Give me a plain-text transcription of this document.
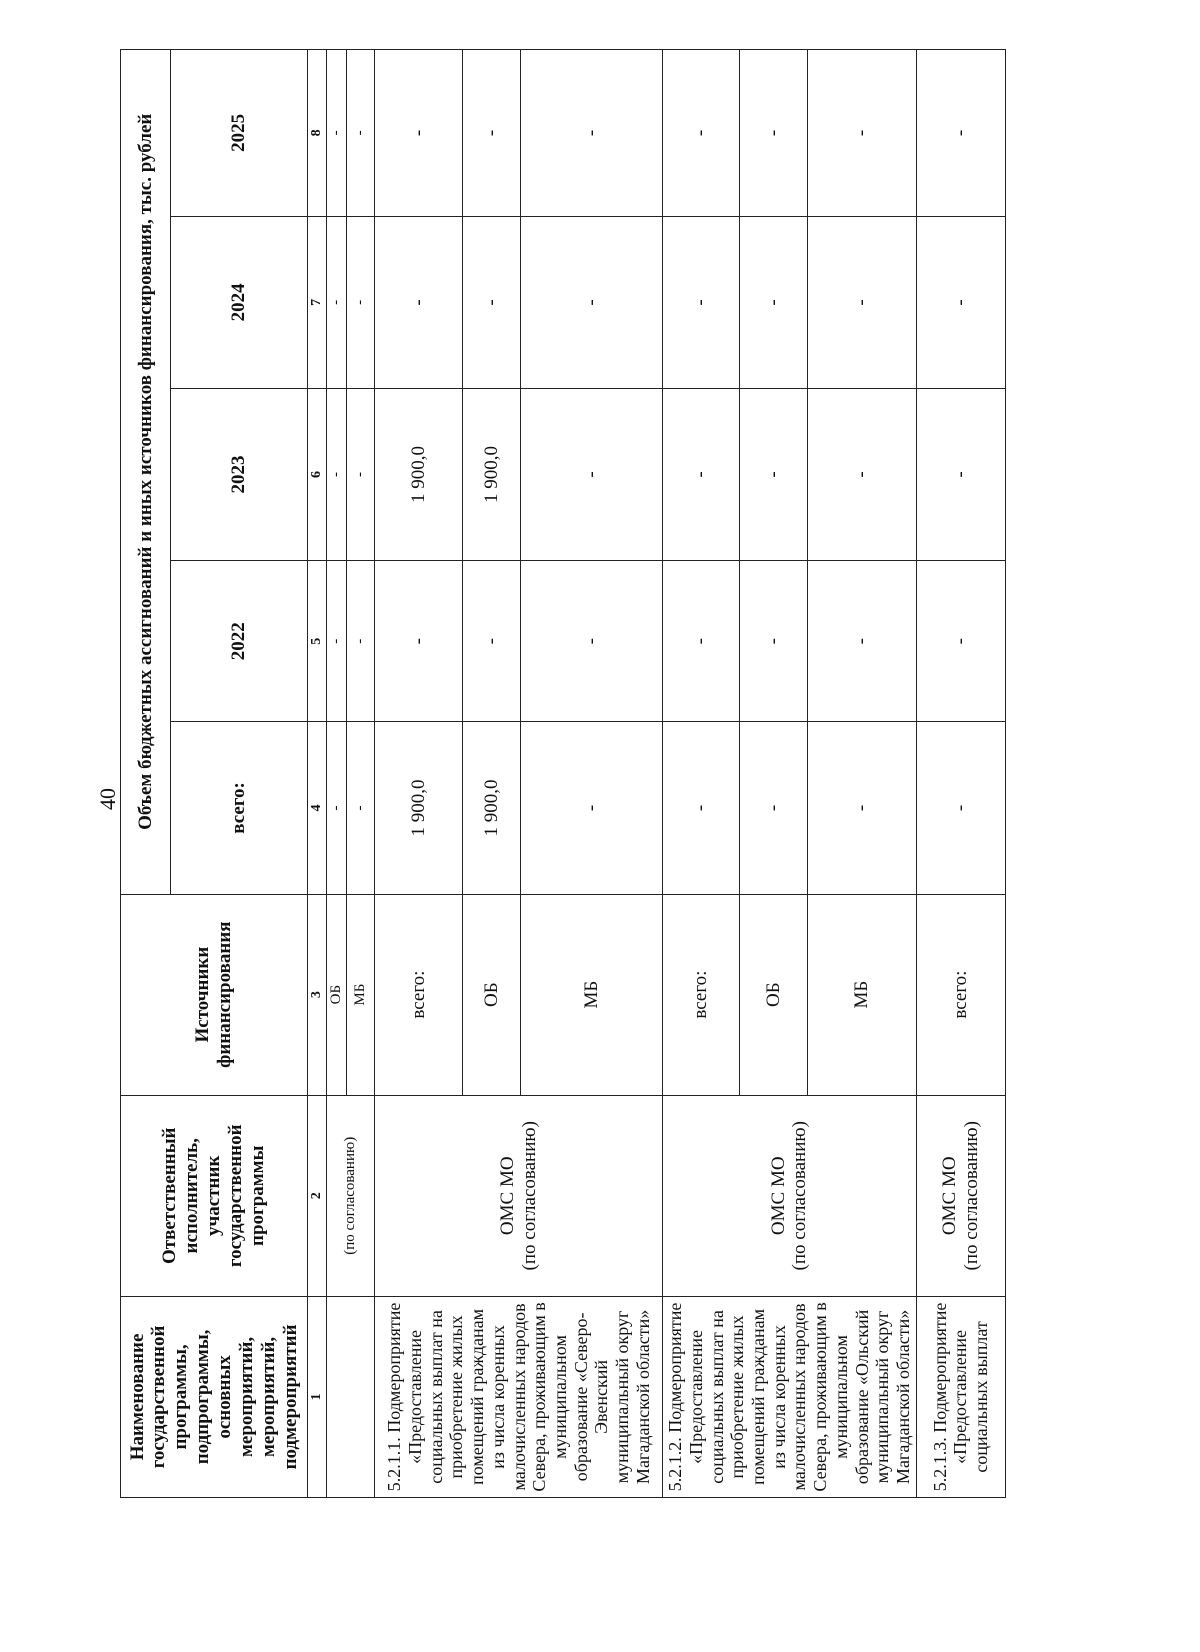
40
Наименование государственной программы, подпрограммы, основных мероприятий, мероприятий, подмероприятий	Ответственный исполнитель, участник государственной программы	Источники финансирования	Объем бюджетных ассигнований и иных источников финансирования, тыс. рублей				
			всего:	2022	2023	2024	2025
1	2	3	4	5	6	7	8
	(по согласованию)	ОБ	-	-	-	-	-
		МБ	-	-	-	-	-
5.2.1.1. Подмероприятие «Предоставление социальных выплат на приобретение жилых помещений гражданам из числа коренных малочисленных народов Севера, проживающим в муниципальном образование «Северо-Эвенский муниципальный округ Магаданской области»	ОМС МО (по согласованию)	всего:	1 900,0	-	1 900,0	-	-
		ОБ	1 900,0	-	1 900,0	-	-
		МБ	-	-	-	-	-
5.2.1.2. Подмероприятие «Предоставление социальных выплат на приобретение жилых помещений гражданам из числа коренных малочисленных народов Севера, проживающим в муниципальном образование «Ольский муниципальный округ Магаданской области»	ОМС МО (по согласованию)	всего:	-	-	-	-	-
		ОБ	-	-	-	-	-
		МБ	-	-	-	-	-
5.2.1.3. Подмероприятие «Предоставление социальных выплат	ОМС МО (по согласованию)	всего:	-	-	-	-	-
